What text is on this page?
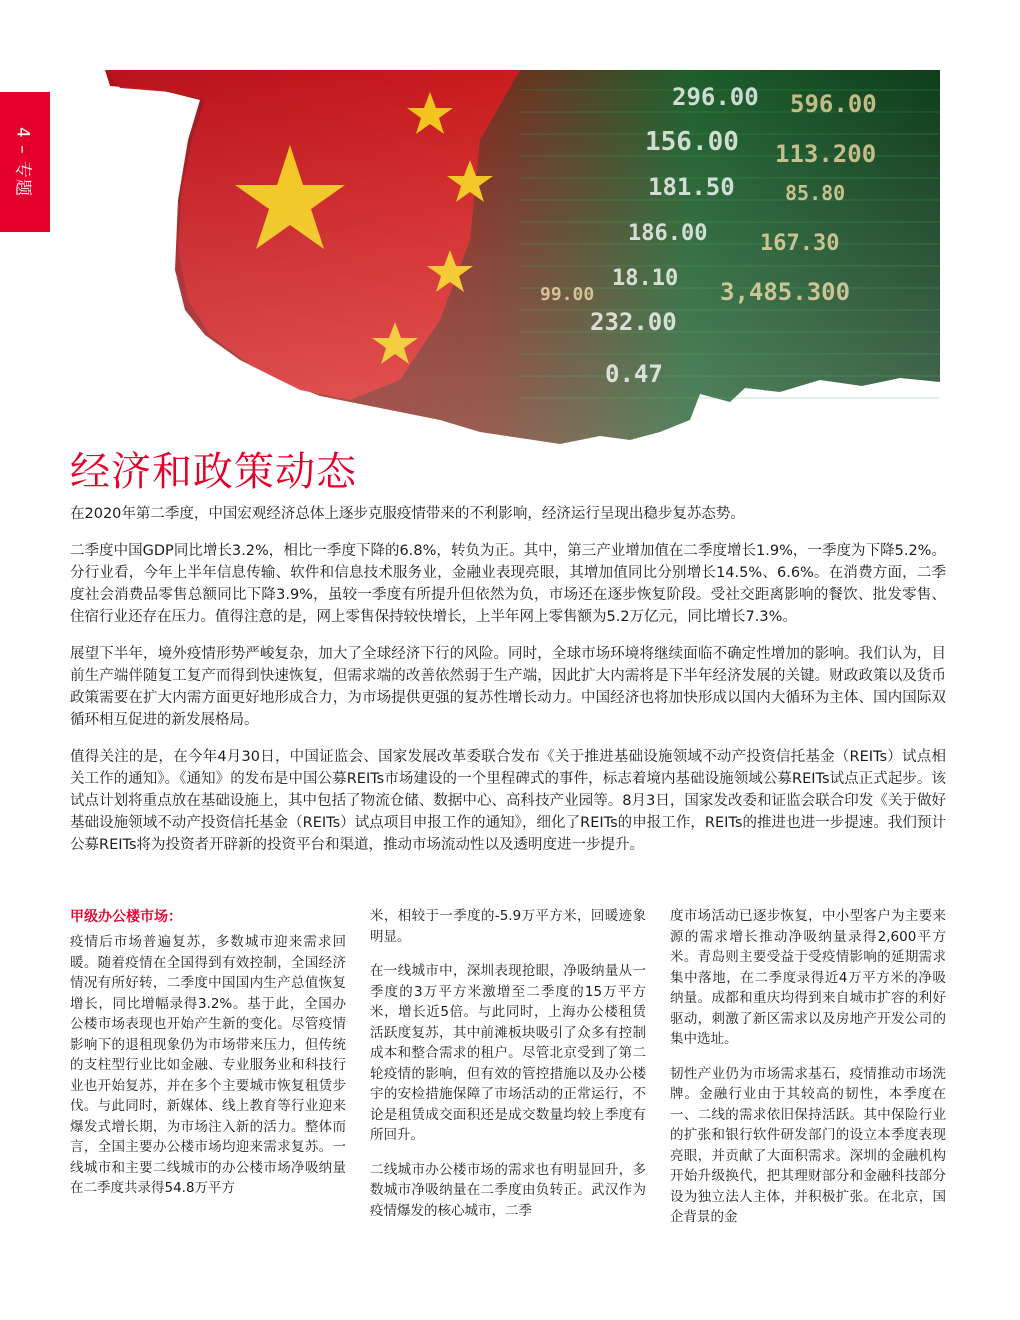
4 – 专题
经济和政策动态

在2020年第二季度，中国宏观经济总体上逐步克服疫情带来的不利影响，经济运行呈现出稳步复苏态势。

二季度中国GDP同比增长3.2%，相比一季度下降的6.8%，转负为正。其中，第三产业增加值在二季度增长1.9%，一季度为下降5.2%。分行业看，今年上半年信息传输、软件和信息技术服务业，金融业表现亮眼，其增加值同比分别增长14.5%、6.6%。在消费方面，二季度社会消费品零售总额同比下降3.9%，虽较一季度有所提升但依然为负，市场还在逐步恢复阶段。受社交距离影响的餐饮、批发零售、住宿行业还存在压力。值得注意的是，网上零售保持较快增长，上半年网上零售额为5.2万亿元，同比增长7.3%。

展望下半年，境外疫情形势严峻复杂，加大了全球经济下行的风险。同时，全球市场环境将继续面临不确定性增加的影响。我们认为，目前生产端伴随复工复产而得到快速恢复，但需求端的改善依然弱于生产端，因此扩大内需将是下半年经济发展的关键。财政政策以及货币政策需要在扩大内需方面更好地形成合力，为市场提供更强的复苏性增长动力。中国经济也将加快形成以国内大循环为主体、国内国际双循环相互促进的新发展格局。

值得关注的是，在今年4月30日，中国证监会、国家发展改革委联合发布《关于推进基础设施领域不动产投资信托基金（REITs）试点相关工作的通知》。《通知》的发布是中国公募REITs市场建设的一个里程碑式的事件，标志着境内基础设施领域公募REITs试点正式起步。该试点计划将重点放在基础设施上，其中包括了物流仓储、数据中心、高科技产业园等。8月3日，国家发改委和证监会联合印发《关于做好基础设施领域不动产投资信托基金（REITs）试点项目申报工作的通知》，细化了REITs的申报工作，REITs的推进也进一步提速。我们预计公募REITs将为投资者开辟新的投资平台和渠道，推动市场流动性以及透明度进一步提升。

甲级办公楼市场：

疫情后市场普遍复苏，多数城市迎来需求回暖。随着疫情在全国得到有效控制，全国经济情况有所好转，二季度中国国内生产总值恢复增长，同比增幅录得3.2%。基于此，全国办公楼市场表现也开始产生新的变化。尽管疫情影响下的退租现象仍为市场带来压力，但传统的支柱型行业比如金融、专业服务业和科技行业也开始复苏，并在多个主要城市恢复租赁步伐。与此同时，新媒体、线上教育等行业迎来爆发式增长期，为市场注入新的活力。整体而言，全国主要办公楼市场均迎来需求复苏。一线城市和主要二线城市的办公楼市场净吸纳量在二季度共录得54.8万平方

米，相较于一季度的-5.9万平方米，回暖迹象明显。

在一线城市中，深圳表现抢眼，净吸纳量从一季度的3万平方米激增至二季度的15万平方米，增长近5倍。与此同时，上海办公楼租赁活跃度复苏，其中前滩板块吸引了众多有控制成本和整合需求的租户。尽管北京受到了第二轮疫情的影响，但有效的管控措施以及办公楼宇的安检措施保障了市场活动的正常运行，不论是租赁成交面积还是成交数量均较上季度有所回升。

二线城市办公楼市场的需求也有明显回升，多数城市净吸纳量在二季度由负转正。武汉作为疫情爆发的核心城市，二季

度市场活动已逐步恢复，中小型客户为主要来源的需求增长推动净吸纳量录得2,600平方米。青岛则主要受益于受疫情影响的延期需求集中落地，在二季度录得近4万平方米的净吸纳量。成都和重庆均得到来自城市扩容的利好驱动，刺激了新区需求以及房地产开发公司的集中选址。

韧性产业仍为市场需求基石，疫情推动市场洗牌。金融行业由于其较高的韧性，本季度在一、二线的需求依旧保持活跃。其中保险行业的扩张和银行软件研发部门的设立本季度表现亮眼，并贡献了大面积需求。深圳的金融机构开始升级换代，把其理财部分和金融科技部分设为独立法人主体，并积极扩张。在北京，国企背景的金
